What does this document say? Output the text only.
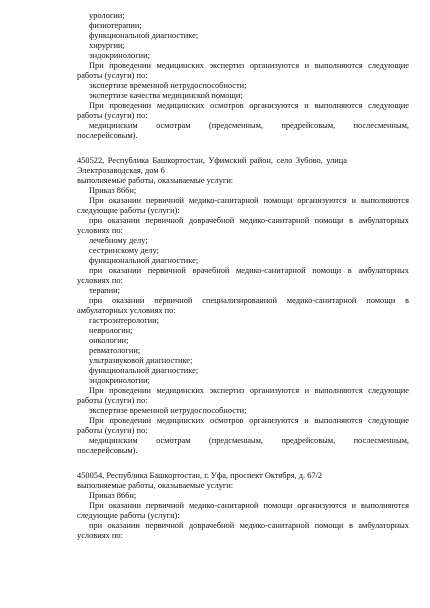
урологии;
физиотерапии;
функциональной диагностике;
хирургии;
эндокринологии;
При проведении медицинских экспертиз организуются и выполняются следующие
работы (услуги) по:
экспертизе временной нетрудоспособности;
экспертизе качества медицинской помощи;
При проведении медицинских осмотров организуются и выполняются следующие
работы (услуги) по:
медицинским осмотрам (предсменным, предрейсовым, послесменным,
послерейсовым).
450522, Республика Башкортостан, Уфимский район, село Зубово, улица
Электрозаводская, дом 6
выполняемые работы, оказываемые услуги:
Приказ 866н;
При оказании первичной медико-санитарной помощи организуются и выполняются
следующие работы (услуги):
при оказании первичной доврачебной медико-санитарной помощи в амбулаторных
условиях по:
лечебному делу;
сестринскому делу;
функциональной диагностике;
при оказании первичной врачебной медико-санитарной помощи в амбулаторных
условиях по:
терапии;
при оказании первичной специализированной медико-санитарной помощи в
амбулаторных условиях по:
гастроэнтерологии;
неврологии;
онкологии;
ревматологии;
ультразвуковой диагностике;
функциональной диагностике;
эндокринологии;
При проведении медицинских экспертиз организуются и выполняются следующие
работы (услуги) по:
экспертизе временной нетрудоспособности;
При проведении медицинских осмотров организуются и выполняются следующие
работы (услуги) по:
медицинским осмотрам (предсменным, предрейсовым, послесменным,
послерейсовым).
450054, Республика Башкортостан, г. Уфа, проспект Октября, д. 67/2
выполняемые работы, оказываемые услуги:
Приказ 866н;
При оказании первичной медико-санитарной помощи организуются и выполняются
следующие работы (услуги):
при оказании первичной доврачебной медико-санитарной помощи в амбулаторных
условиях по:
